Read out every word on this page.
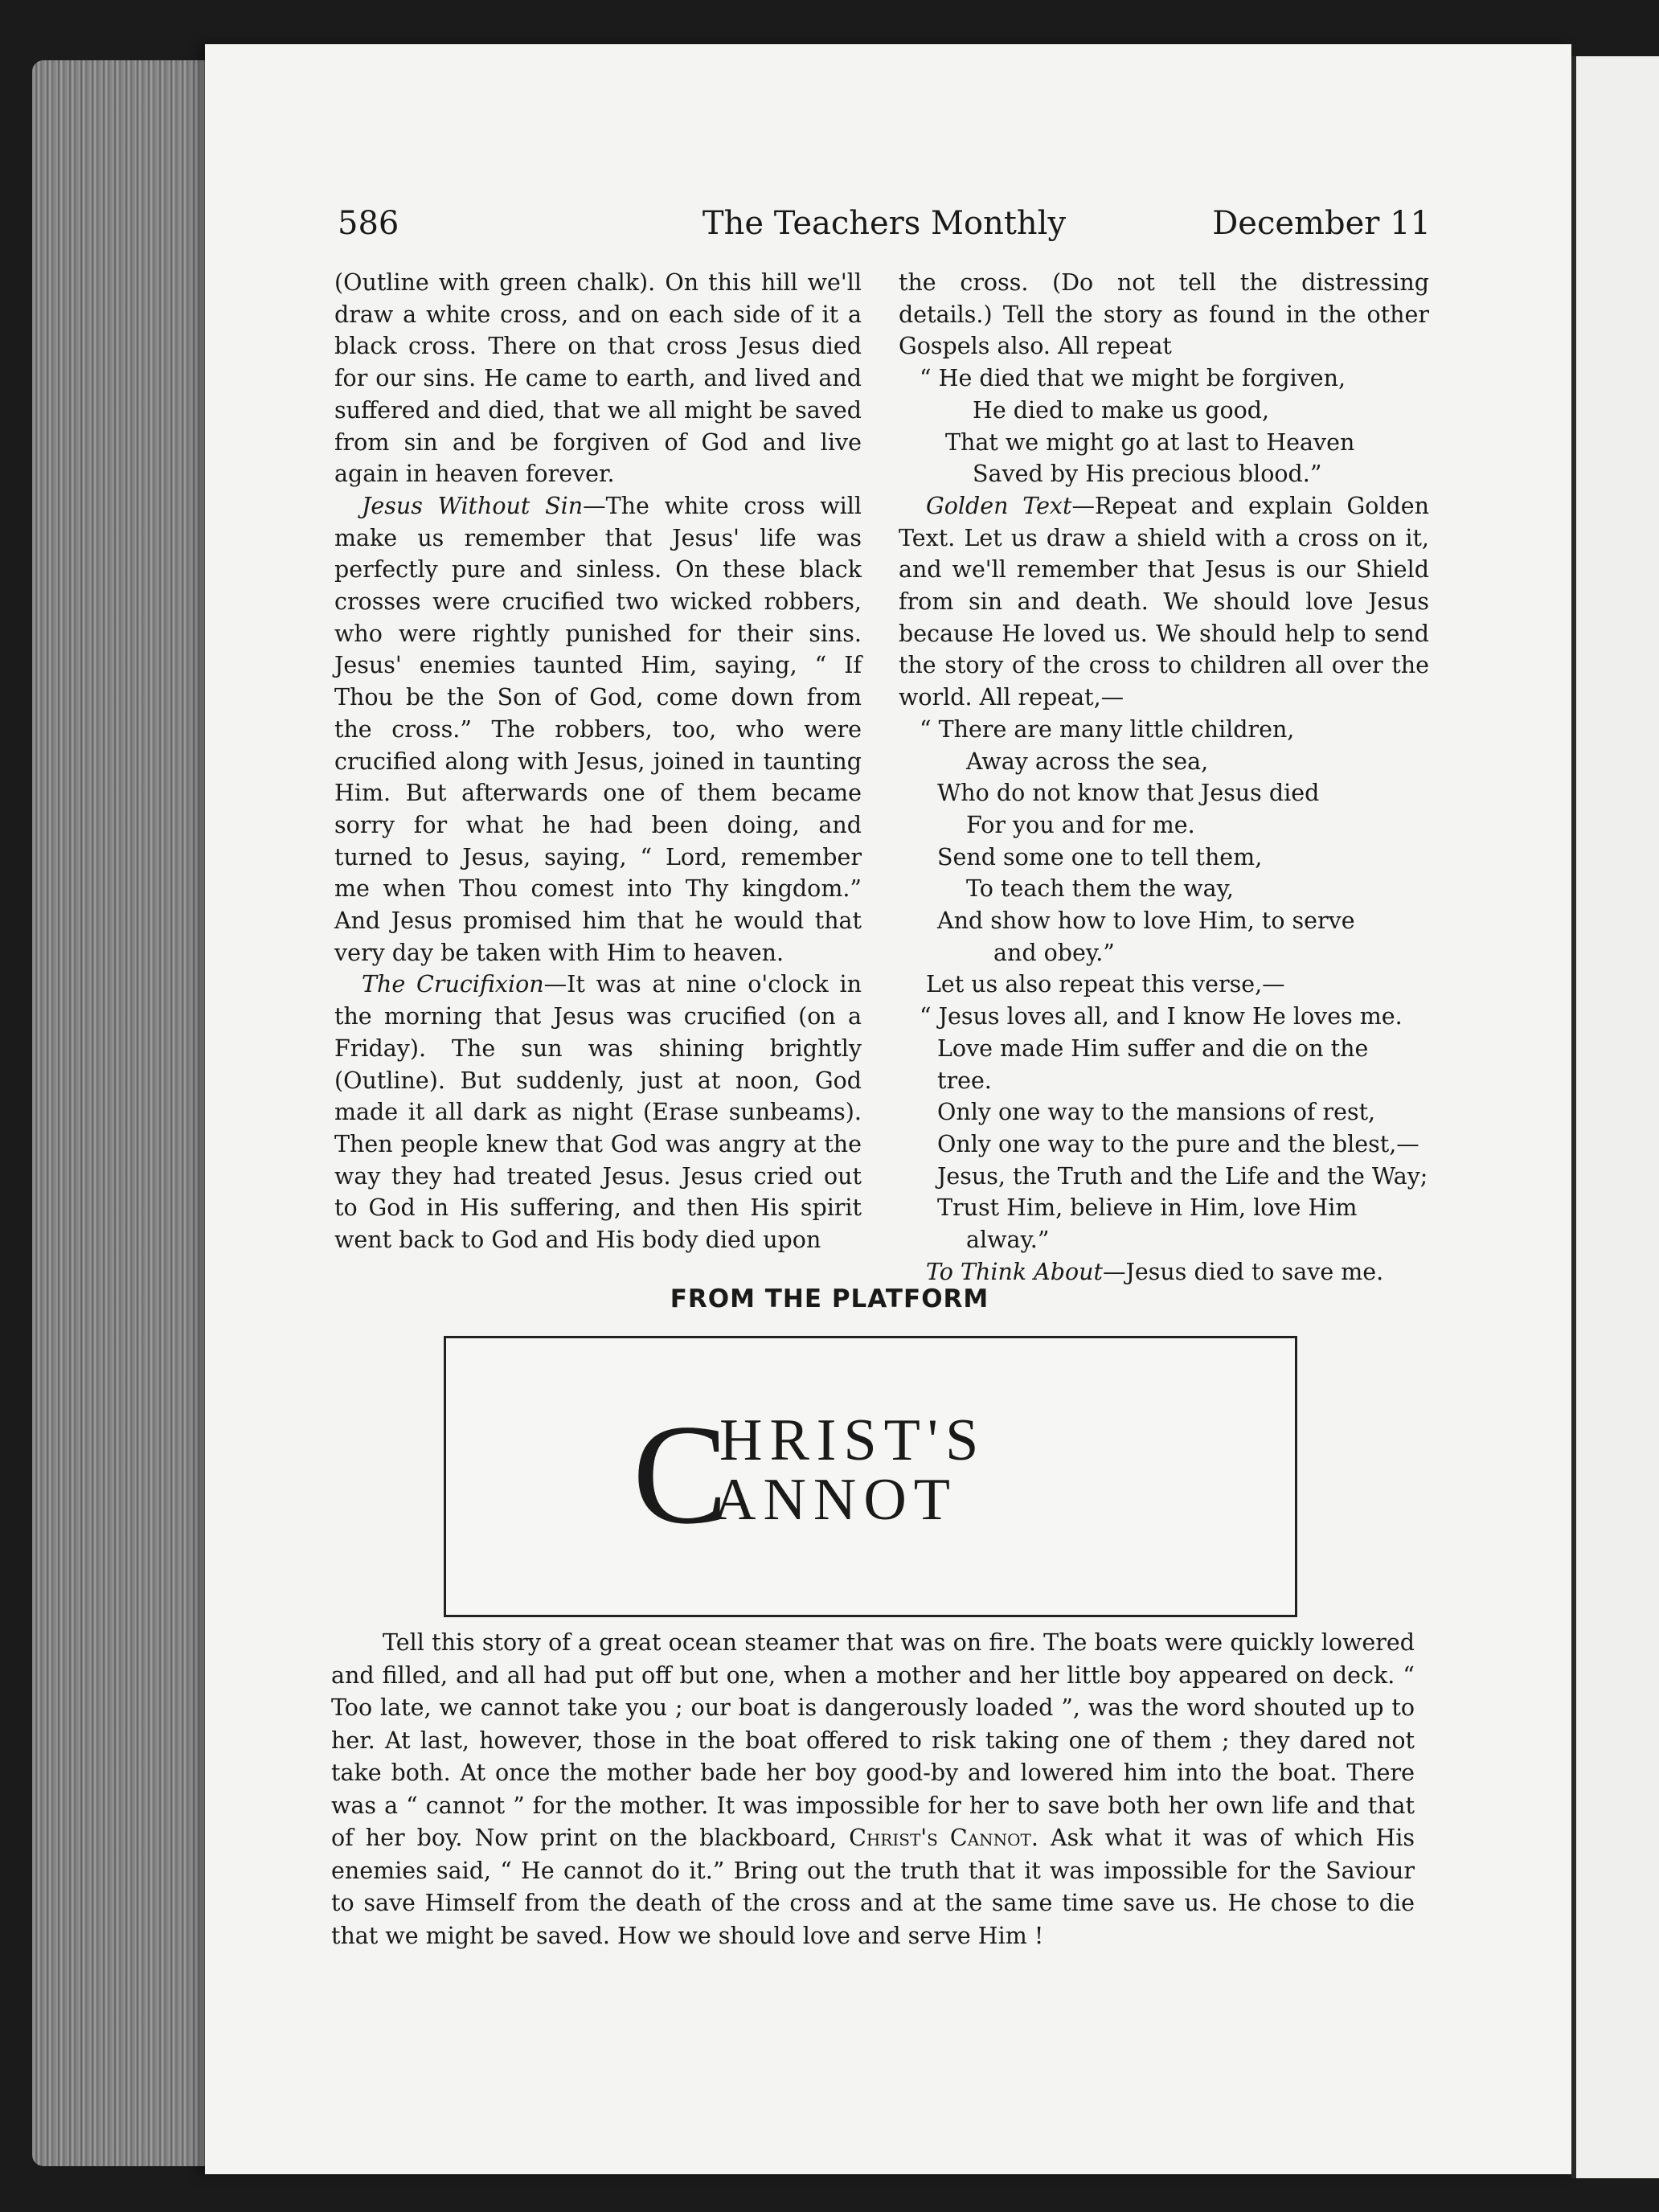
586	The Teachers Monthly	December 11

(Outline with green chalk). On this hill we'll draw a white cross, and on each side of it a black cross. There on that cross Jesus died for our sins. He came to earth, and lived and suffered and died, that we all might be saved from sin and be forgiven of God and live again in heaven forever.

Jesus Without Sin—The white cross will make us remember that Jesus' life was perfectly pure and sinless. On these black crosses were crucified two wicked robbers, who were rightly punished for their sins. Jesus' enemies taunted Him, saying, “ If Thou be the Son of God, come down from the cross.” The robbers, too, who were crucified along with Jesus, joined in taunting Him. But afterwards one of them became sorry for what he had been doing, and turned to Jesus, saying, “ Lord, remember me when Thou comest into Thy kingdom.” And Jesus promised him that he would that very day be taken with Him to heaven.

The Crucifixion—It was at nine o'clock in the morning that Jesus was crucified (on a Friday). The sun was shining brightly (Outline). But suddenly, just at noon, God made it all dark as night (Erase sunbeams). Then people knew that God was angry at the way they had treated Jesus. Jesus cried out to God in His suffering, and then His spirit went back to God and His body died upon

the cross. (Do not tell the distressing details.) Tell the story as found in the other Gospels also. All repeat

“ He died that we might be forgiven,
He died to make us good,
That we might go at last to Heaven
Saved by His precious blood.”

Golden Text—Repeat and explain Golden Text. Let us draw a shield with a cross on it, and we'll remember that Jesus is our Shield from sin and death. We should love Jesus because He loved us. We should help to send the story of the cross to children all over the world. All repeat,—

“ There are many little children,
Away across the sea,
Who do not know that Jesus died
For you and for me.
Send some one to tell them,
To teach them the way,
And show how to love Him, to serve
and obey.”

Let us also repeat this verse,—

“ Jesus loves all, and I know He loves me.
Love made Him suffer and die on the tree.
Only one way to the mansions of rest,
Only one way to the pure and the blest,—
Jesus, the Truth and the Life and the Way;
Trust Him, believe in Him, love Him
alway.”

To Think About—Jesus died to save me.

FROM THE PLATFORM
C
HRIST'S
ANNOT

Tell this story of a great ocean steamer that was on fire. The boats were quickly lowered and filled, and all had put off but one, when a mother and her little boy appeared on deck. “ Too late, we cannot take you ; our boat is dangerously loaded ”, was the word shouted up to her. At last, however, those in the boat offered to risk taking one of them ; they dared not take both. At once the mother bade her boy good-by and lowered him into the boat. There was a “ cannot ” for the mother. It was impossible for her to save both her own life and that of her boy. Now print on the blackboard, Christ's Cannot. Ask what it was of which His enemies said, “ He cannot do it.” Bring out the truth that it was impossible for the Saviour to save Himself from the death of the cross and at the same time save us. He chose to die that we might be saved. How we should love and serve Him !
